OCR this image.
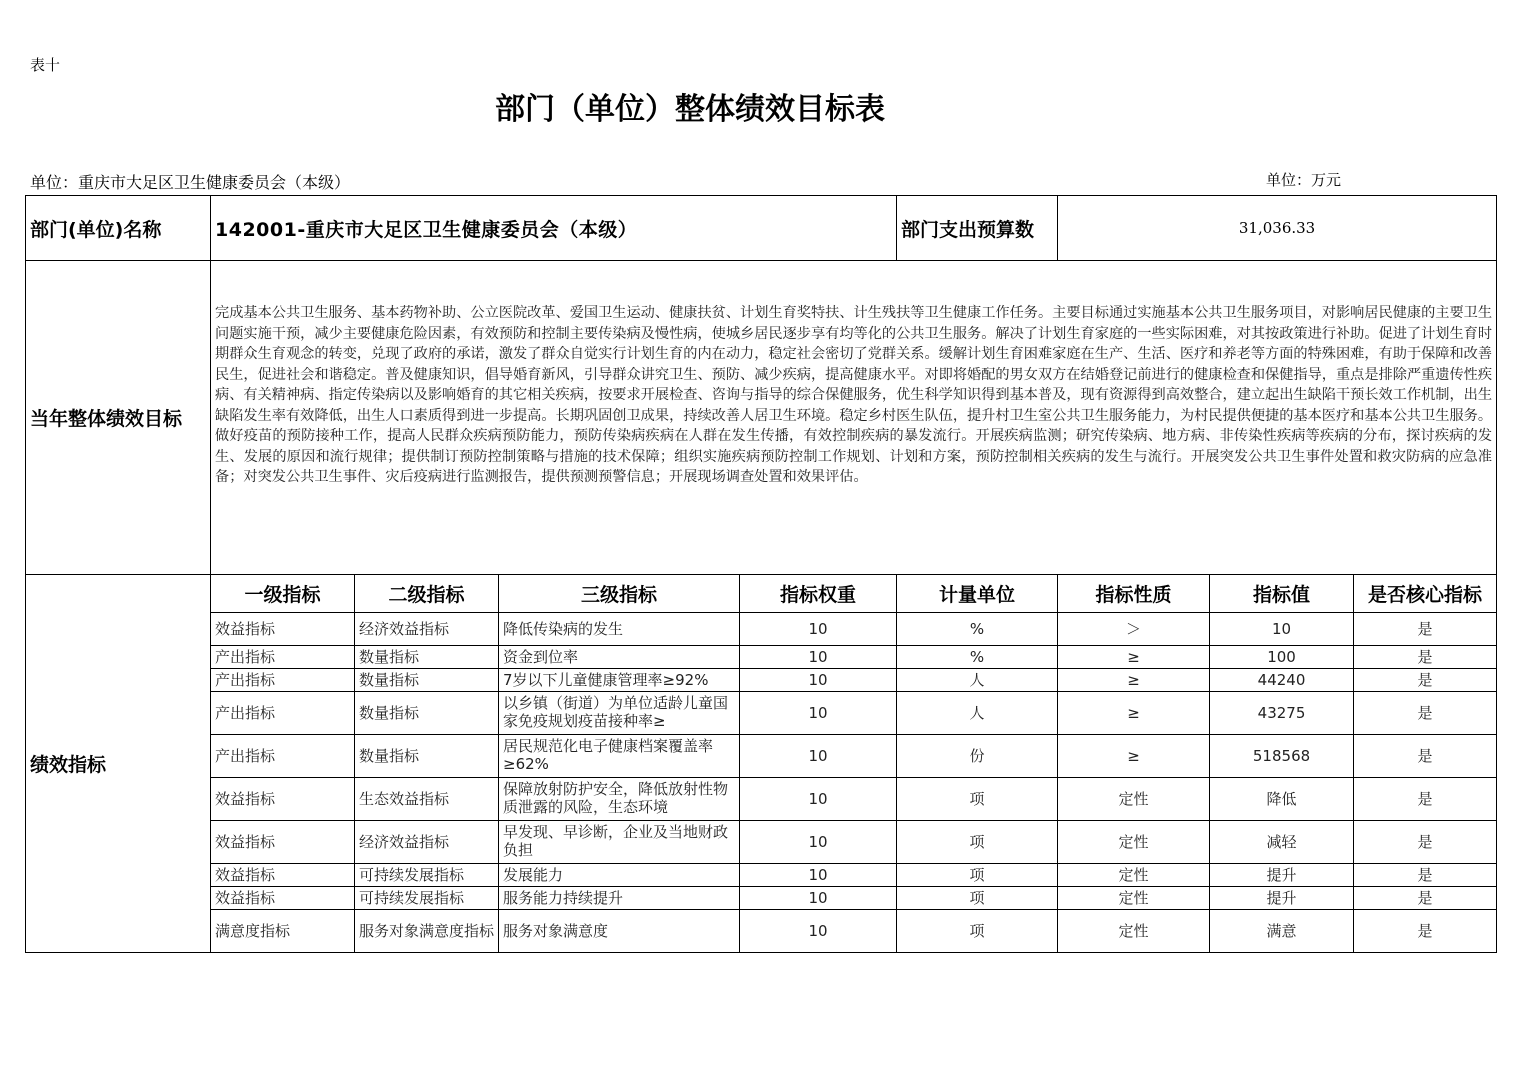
表十
部门（单位）整体绩效目标表
单位：重庆市大足区卫生健康委员会（本级）	单位：万元
部门(单位)名称	142001-重庆市大足区卫生健康委员会（本级）				部门支出预算数	31,036.33		
当年整体绩效目标	完成基本公共卫生服务、基本药物补助、公立医院改革、爱国卫生运动、健康扶贫、计划生育奖特扶、计生残扶等卫生健康工作任务。主要目标通过实施基本公共卫生服务项目，对影响居民健康的主要卫生问题实施干预，减少主要健康危险因素，有效预防和控制主要传染病及慢性病，使城乡居民逐步享有均等化的公共卫生服务。解决了计划生育家庭的一些实际困难，对其按政策进行补助。促进了计划生育时期群众生育观念的转变，兑现了政府的承诺，激发了群众自觉实行计划生育的内在动力，稳定社会密切了党群关系。缓解计划生育困难家庭在生产、生活、医疗和养老等方面的特殊困难，有助于保障和改善民生，促进社会和谐稳定。普及健康知识，倡导婚育新风，引导群众讲究卫生、预防、减少疾病，提高健康水平。对即将婚配的男女双方在结婚登记前进行的健康检查和保健指导，重点是排除严重遗传性疾病、有关精神病、指定传染病以及影响婚育的其它相关疾病，按要求开展检查、咨询与指导的综合保健服务，优生科学知识得到基本普及，现有资源得到高效整合，建立起出生缺陷干预长效工作机制，出生缺陷发生率有效降低，出生人口素质得到进一步提高。长期巩固创卫成果，持续改善人居卫生环境。稳定乡村医生队伍，提升村卫生室公共卫生服务能力，为村民提供便捷的基本医疗和基本公共卫生服务。做好疫苗的预防接种工作，提高人民群众疾病预防能力，预防传染病疾病在人群在发生传播，有效控制疾病的暴发流行。开展疾病监测；研究传染病、地方病、非传染性疾病等疾病的分布，探讨疾病的发生、发展的原因和流行规律；提供制订预防控制策略与措施的技术保障；组织实施疾病预防控制工作规划、计划和方案，预防控制相关疾病的发生与流行。开展突发公共卫生事件处置和救灾防病的应急准备；对突发公共卫生事件、灾后疫病进行监测报告，提供预测预警信息；开展现场调查处置和效果评估。							
绩效指标	一级指标	二级指标	三级指标	指标权重	计量单位	指标性质	指标值	是否核心指标
	效益指标	经济效益指标	降低传染病的发生	10	%	＞	10	是
	产出指标	数量指标	资金到位率	10	%	≥	100	是
	产出指标	数量指标	7岁以下儿童健康管理率≥92%	10	人	≥	44240	是
	产出指标	数量指标	以乡镇（街道）为单位适龄儿童国家免疫规划疫苗接种率≥	10	人	≥	43275	是
	产出指标	数量指标	居民规范化电子健康档案覆盖率≥62%	10	份	≥	518568	是
	效益指标	生态效益指标	保障放射防护安全，降低放射性物质泄露的风险，生态环境	10	项	定性	降低	是
	效益指标	经济效益指标	早发现、早诊断，企业及当地财政负担	10	项	定性	减轻	是
	效益指标	可持续发展指标	发展能力	10	项	定性	提升	是
	效益指标	可持续发展指标	服务能力持续提升	10	项	定性	提升	是
	满意度指标	服务对象满意度指标	服务对象满意度	10	项	定性	满意	是
